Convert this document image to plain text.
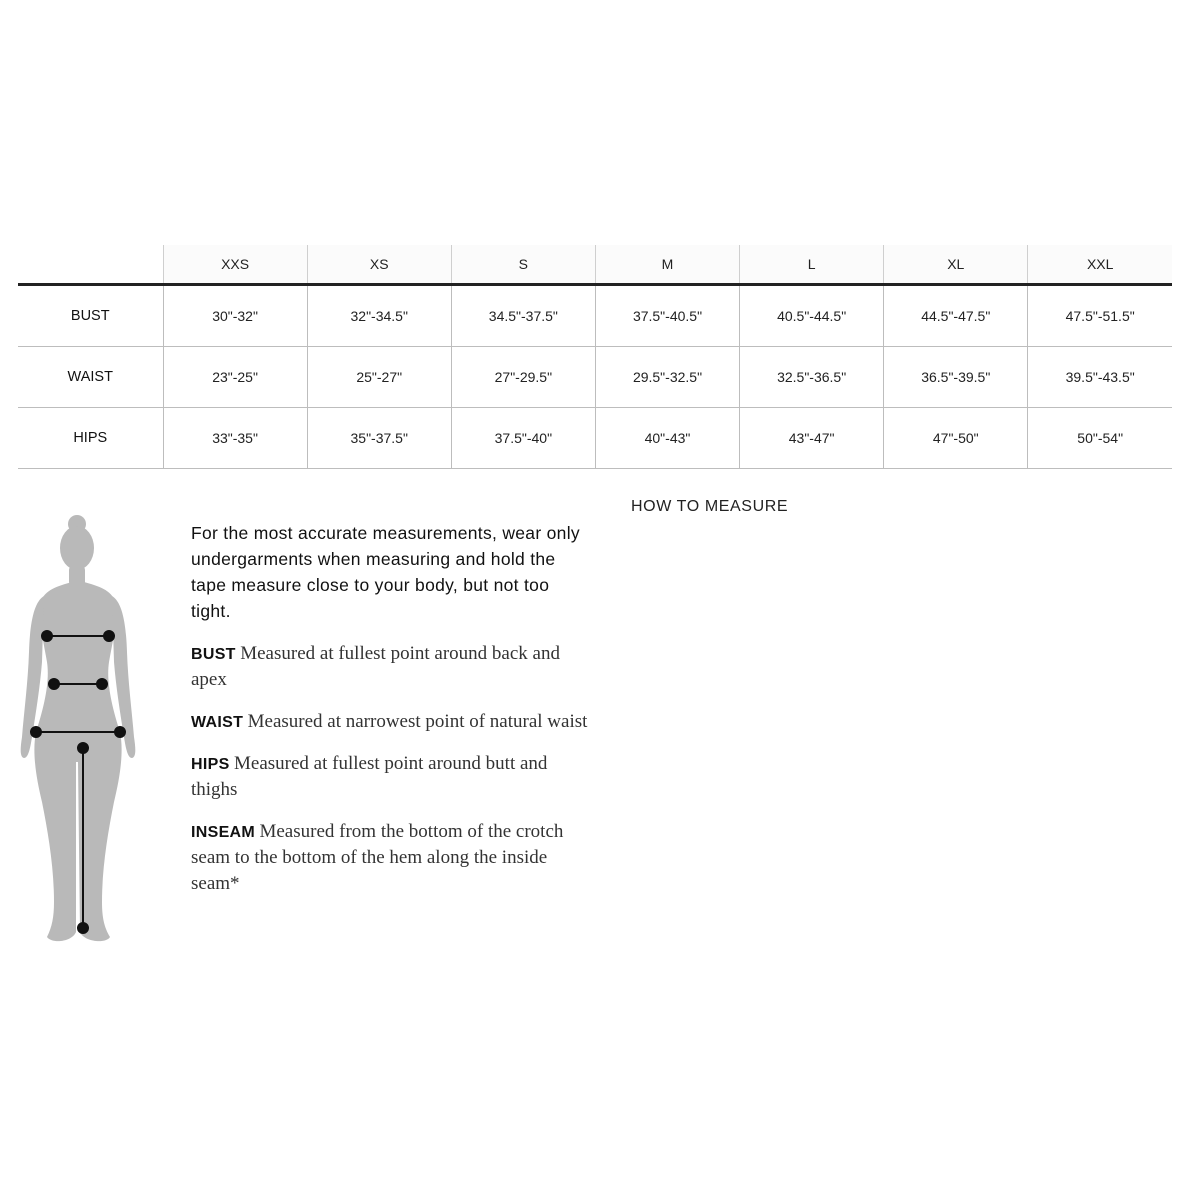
	XXS	XS	S	M	L	XL	XXL
BUST	30"-32"	32"-34.5"	34.5"-37.5"	37.5"-40.5"	40.5"-44.5"	44.5"-47.5"	47.5"-51.5"
WAIST	23"-25"	25"-27"	27"-29.5"	29.5"-32.5"	32.5"-36.5"	36.5"-39.5"	39.5"-43.5"
HIPS	33"-35"	35"-37.5"	37.5"-40"	40"-43"	43"-47"	47"-50"	50"-54"
HOW TO MEASURE

For the most accurate measurements, wear only undergarments when measuring and hold the tape measure close to your body, but not too tight.

BUST Measured at fullest point around back and apex

WAIST Measured at narrowest point of natural waist

HIPS Measured at fullest point around butt and thighs

INSEAM Measured from the bottom of the crotch seam to the bottom of the hem along the inside seam*
